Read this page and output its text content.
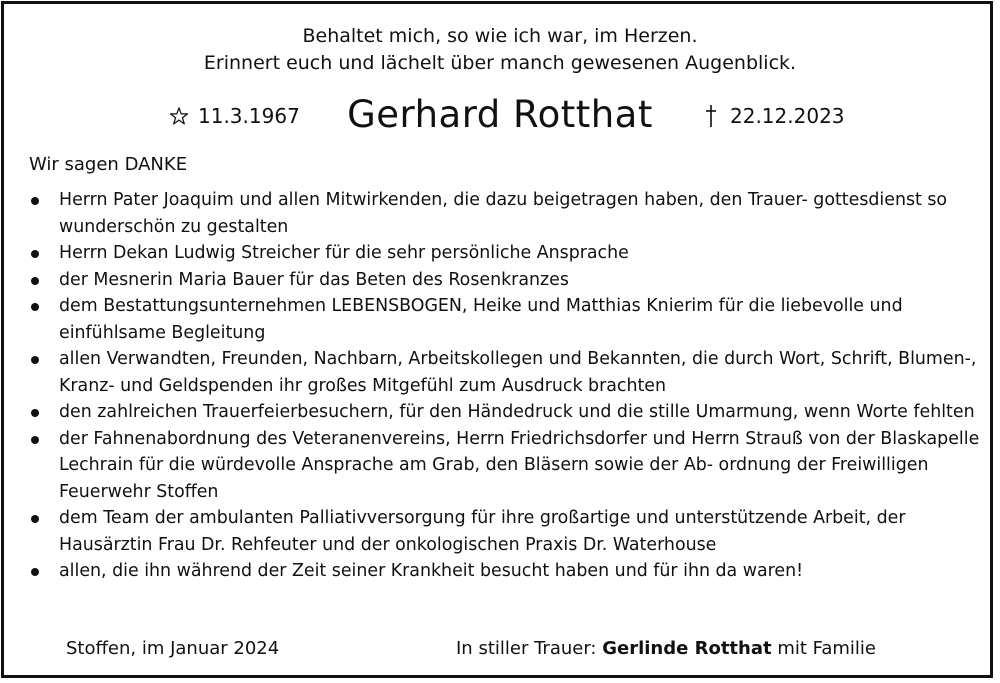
Behaltet mich, so wie ich war, im Herzen.
Erinnert euch und lächelt über manch gewesenen Augenblick.
11.3.1967	Gerhard Rotthat	22.12.2023
Wir sagen DANKE
Herrn Pater Joaquim und allen Mitwirkenden, die dazu beigetragen haben, den Trauer- gottesdienst so wunderschön zu gestalten
Herrn Dekan Ludwig Streicher für die sehr persönliche Ansprache
der Mesnerin Maria Bauer für das Beten des Rosenkranzes
dem Bestattungsunternehmen LEBENSBOGEN, Heike und Matthias Knierim für die liebevolle und einfühlsame Begleitung
allen Verwandten, Freunden, Nachbarn, Arbeitskollegen und Bekannten, die durch Wort, Schrift, Blumen-, Kranz- und Geldspenden ihr großes Mitgefühl zum Ausdruck brachten
den zahlreichen Trauerfeierbesuchern, für den Händedruck und die stille Umarmung, wenn Worte fehlten
der Fahnenabordnung des Veteranenvereins, Herrn Friedrichsdorfer und Herrn Strauß von der Blaskapelle Lechrain für die würdevolle Ansprache am Grab, den Bläsern sowie der Ab- ordnung der Freiwilligen Feuerwehr Stoffen
dem Team der ambulanten Palliativversorgung für ihre großartige und unterstützende Arbeit, der Hausärztin Frau Dr. Rehfeuter und der onkologischen Praxis Dr. Waterhouse
allen, die ihn während der Zeit seiner Krankheit besucht haben und für ihn da waren!
Stoffen, im Januar 2024	In stiller Trauer: Gerlinde Rotthat mit Familie
